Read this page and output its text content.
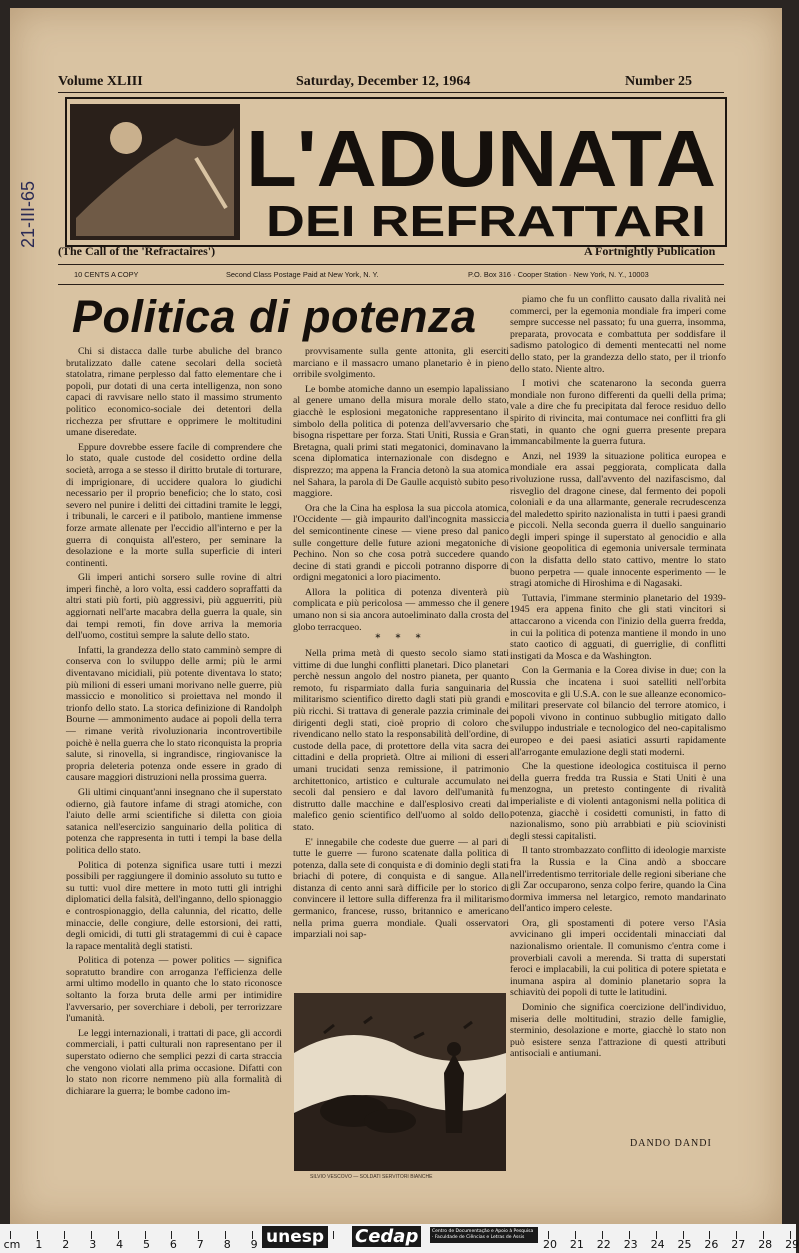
Volume XLIII	Saturday, December 12, 1964	Number 25
L'ADUNATA
DEI REFRATTARI
(The Call of the 'Refractaires')	A Fortnightly Publication
10 CENTS A COPY	Second Class Postage Paid at New York, N. Y.	P.O. Box 316 · Cooper Station · New York, N. Y., 10003
21-III-65
Politica di potenza

Chi si distacca dalle turbe abuliche del branco brutalizzato dalle catene secolari della società statolatra, rimane perplesso dal fatto elementare che i popoli, pur dotati di una certa intelligenza, non sono capaci di ravvisare nello stato il massimo strumento politico economico-sociale dei detentori della ricchezza per sfruttare e opprimere le moltitudini umane diseredate.

Eppure dovrebbe essere facile di comprendere che lo stato, quale custode del cosidetto ordine della società, arroga a se stesso il diritto brutale di torturare, di imprigionare, di uccidere qualora lo giudichi necessario per il proprio beneficio; che lo stato, così severo nel punire i delitti dei cittadini tramite le leggi, i tribunali, le carceri e il patibolo, mantiene immense forze armate allenate per l'eccidio all'interno e per la guerra di conquista all'estero, per seminare la desolazione e la morte sulla superficie di interi continenti.

Gli imperi antichi sorsero sulle rovine di altri imperi finchè, a loro volta, essi caddero sopraffatti da altri stati più forti, più aggressivi, più agguerriti, più aggiornati nell'arte macabra della guerra la quale, sin dai tempi remoti, fin dove arriva la memoria dell'uomo, costituì sempre la salute dello stato.

Infatti, la grandezza dello stato camminò sempre di conserva con lo sviluppo delle armi; più le armi diventavano micidiali, più potente diventava lo stato; più milioni di esseri umani morivano nelle guerre, più massiccio e monolitico si proiettava nel mondo il trionfo dello stato. La storica definizione di Randolph Bourne — ammonimento audace ai popoli della terra — rimane verità rivoluzionaria incontrovertibile poichè è nella guerra che lo stato riconquista la propria salute, si rinovella, si ingrandisce, ringiovanisce la propria deleteria potenza onde essere in grado di causare maggiori distruzioni nella prossima guerra.

Gli ultimi cinquant'anni insegnano che il superstato odierno, già fautore infame di stragi atomiche, con l'aiuto delle armi scientifiche si diletta con gioia satanica nell'esercizio sanguinario della politica di potenza che rappresenta in tutti i tempi la base della politica dello stato.

Politica di potenza significa usare tutti i mezzi possibili per raggiungere il dominio assoluto su tutto e su tutti: vuol dire mettere in moto tutti gli intrighi diplomatici della falsità, dell'inganno, dello spionaggio e controspionaggio, della calunnia, del ricatto, delle minaccie, delle congiure, delle estorsioni, dei ratti, degli omicidi, di tutti gli stratagemmi di cui è capace la rapace mentalità degli statisti.

Politica di potenza — power politics — significa sopratutto brandire con arroganza l'efficienza delle armi ultimo modello in quanto che lo stato riconosce soltanto la forza bruta delle armi per intimidire l'avversario, per soverchiare i deboli, per terrorizzare l'umanità.

Le leggi internazionali, i trattati di pace, gli accordi commerciali, i patti culturali non rapresentano per il superstato odierno che semplici pezzi di carta straccia che vengono violati alla prima occasione. Difatti con lo stato non ricorre nemmeno più alla formalità di dichiarare la guerra; le bombe cadono im-

provvisamente sulla gente attonita, gli eserciti marciano e il massacro umano planetario è in pieno orribile svolgimento.

Le bombe atomiche danno un esempio lapalissiano al genere umano della misura morale dello stato, giacchè le esplosioni megatoniche rappresentano il simbolo della politica di potenza dell'avversario che bisogna rispettare per forza. Stati Uniti, Russia e Gran Bretagna, quali primi stati megatonici, dominavano la scena diplomatica internazionale con disdegno e disprezzo; ma appena la Francia detonò la sua atomica nel Sahara, la parola di De Gaulle acquistò subito peso maggiore.

Ora che la Cina ha esplosa la sua piccola atomica, l'Occidente — già impaurito dall'incognita massiccia del semicontinente cinese — viene preso dal panico sulle congetture delle future azioni megatoniche di Pechino. Non so che cosa potrà succedere quando decine di stati grandi e piccoli potranno disporre di ordigni megatonici a loro piacimento.

Allora la politica di potenza diventerà più complicata e più pericolosa — ammesso che il genere umano non si sia ancora autoeliminato dalla crosta del globo terracqueo.

* * *

Nella prima metà di questo secolo siamo stati vittime di due lunghi conflitti planetari. Dico planetari perchè nessun angolo del nostro pianeta, per quanto remoto, fu risparmiato dalla furia sanguinaria del militarismo scientifico diretto dagli stati più grandi e più ricchi. Si trattava di generale pazzia criminale dei dirigenti degli stati, cioè proprio di coloro che rivendicano nello stato la responsabilità dell'ordine, di custode della pace, di protettore della vita sacra dei cittadini e della proprietà. Oltre ai milioni di esseri umani trucidati senza remissione, il patrimonio architettonico, artistico e culturale accumulato nei secoli dal pensiero e dal lavoro dell'umanità fu distrutto dalle macchine e dall'esplosivo creati dal malefico genio scientifico dell'uomo al soldo dello stato.

E' innegabile che codeste due guerre — al pari di tutte le guerre — furono scatenate dalla politica di potenza, dalla sete di conquista e di dominio degli stati briachi di potere, di conquista e di sangue. Alla distanza di cento anni sarà difficile per lo storico di convincere il lettore sulla differenza fra il militarismo germanico, francese, russo, britannico e americano nella prima guerra mondiale. Quali osservatori imparziali noi sap-

piamo che fu un conflitto causato dalla rivalità nei commerci, per la egemonia mondiale fra imperi come sempre successe nel passato; fu una guerra, insomma, preparata, provocata e combattuta per soddisfare il sadismo patologico di dementi mentecatti nel nome dello stato, per la grandezza dello stato, per il trionfo dello stato. Niente altro.

I motivi che scatenarono la seconda guerra mondiale non furono differenti da quelli della prima; vale a dire che fu precipitata dal feroce residuo dello spirito di rivincita, mai contumace nei conflitti fra gli stati, in quanto che ogni guerra presente prepara immancabilmente la guerra futura.

Anzi, nel 1939 la situazione politica europea e mondiale era assai peggiorata, complicata dalla rivoluzione russa, dall'avvento del nazifascismo, dal risveglio del dragone cinese, dal fermento dei popoli coloniali e da una allarmante, generale recrudescenza del maledetto spirito nazionalista in tutti i paesi grandi e piccoli. Nella seconda guerra il duello sanguinario degli imperi spinge il superstato al genocidio e alla visione geopolitica di egemonia universale terminata con la disfatta dello stato cattivo, mentre lo stato buono perpetra — quale innocente esperimento — le stragi atomiche di Hiroshima e di Nagasaki.

Tuttavia, l'immane sterminio planetario del 1939-1945 era appena finito che gli stati vincitori si attaccarono a vicenda con l'inizio della guerra fredda, in cui la politica di potenza mantiene il mondo in uno stato caotico di agguati, di guerriglie, di conflitti instigati da Mosca e da Washington.

Con la Germania e la Corea divise in due; con la Russia che incatena i suoi satelliti nell'orbita moscovita e gli U.S.A. con le sue alleanze economico-militari preservate col bilancio del terrore atomico, i popoli vivono in continuo subbuglio mitigato dallo sviluppo industriale e tecnologico del neo-capitalismo europeo e dei paesi asiatici assurti rapidamente all'arrogante emulazione degli stati moderni.

Che la questione ideologica costituisca il perno della guerra fredda tra Russia e Stati Uniti è una menzogna, un pretesto contingente di rivalità imperialiste e di violenti antagonismi nella politica di potenza, giacchè i cosidetti comunisti, in fatto di nazionalismo, sono più arrabbiati e più sciovinisti degli stessi capitalisti.

Il tanto strombazzato conflitto di ideologie marxiste fra la Russia e la Cina andò a sboccare nell'irredentismo territoriale delle regioni siberiane che gli Zar occuparono, senza colpo ferire, quando la Cina dormiva immersa nel letargico, remoto mandarinato dell'antico impero celeste.

Ora, gli spostamenti di potere verso l'Asia avvicinano gli imperi occidentali minacciati dal nazionalismo orientale. Il comunismo c'entra come i proverbiali cavoli a merenda. Si tratta di superstati feroci e implacabili, la cui politica di potere spietata e inumana aspira al dominio planetario sopra la schiavitù dei popoli di tutte le latitudini.

Dominio che significa coercizione dell'individuo, miseria delle moltitudini, strazio delle famiglie, sterminio, desolazione e morte, giacchè lo stato non può esistere senza l'attrazione di questi attributi antisociali e antiumani.

SILVIO VESCOVO — SOLDATI SERVITORI BIANCHE
DANDO DANDI
cm 1 2 3 4 5 6 7 8 9	20 21 22 23 24 25 26 27 28 29
unesp Cedap	Centro de Documentação e Apoio à Pesquisa · Faculdade de Ciências e Letras de Assis
